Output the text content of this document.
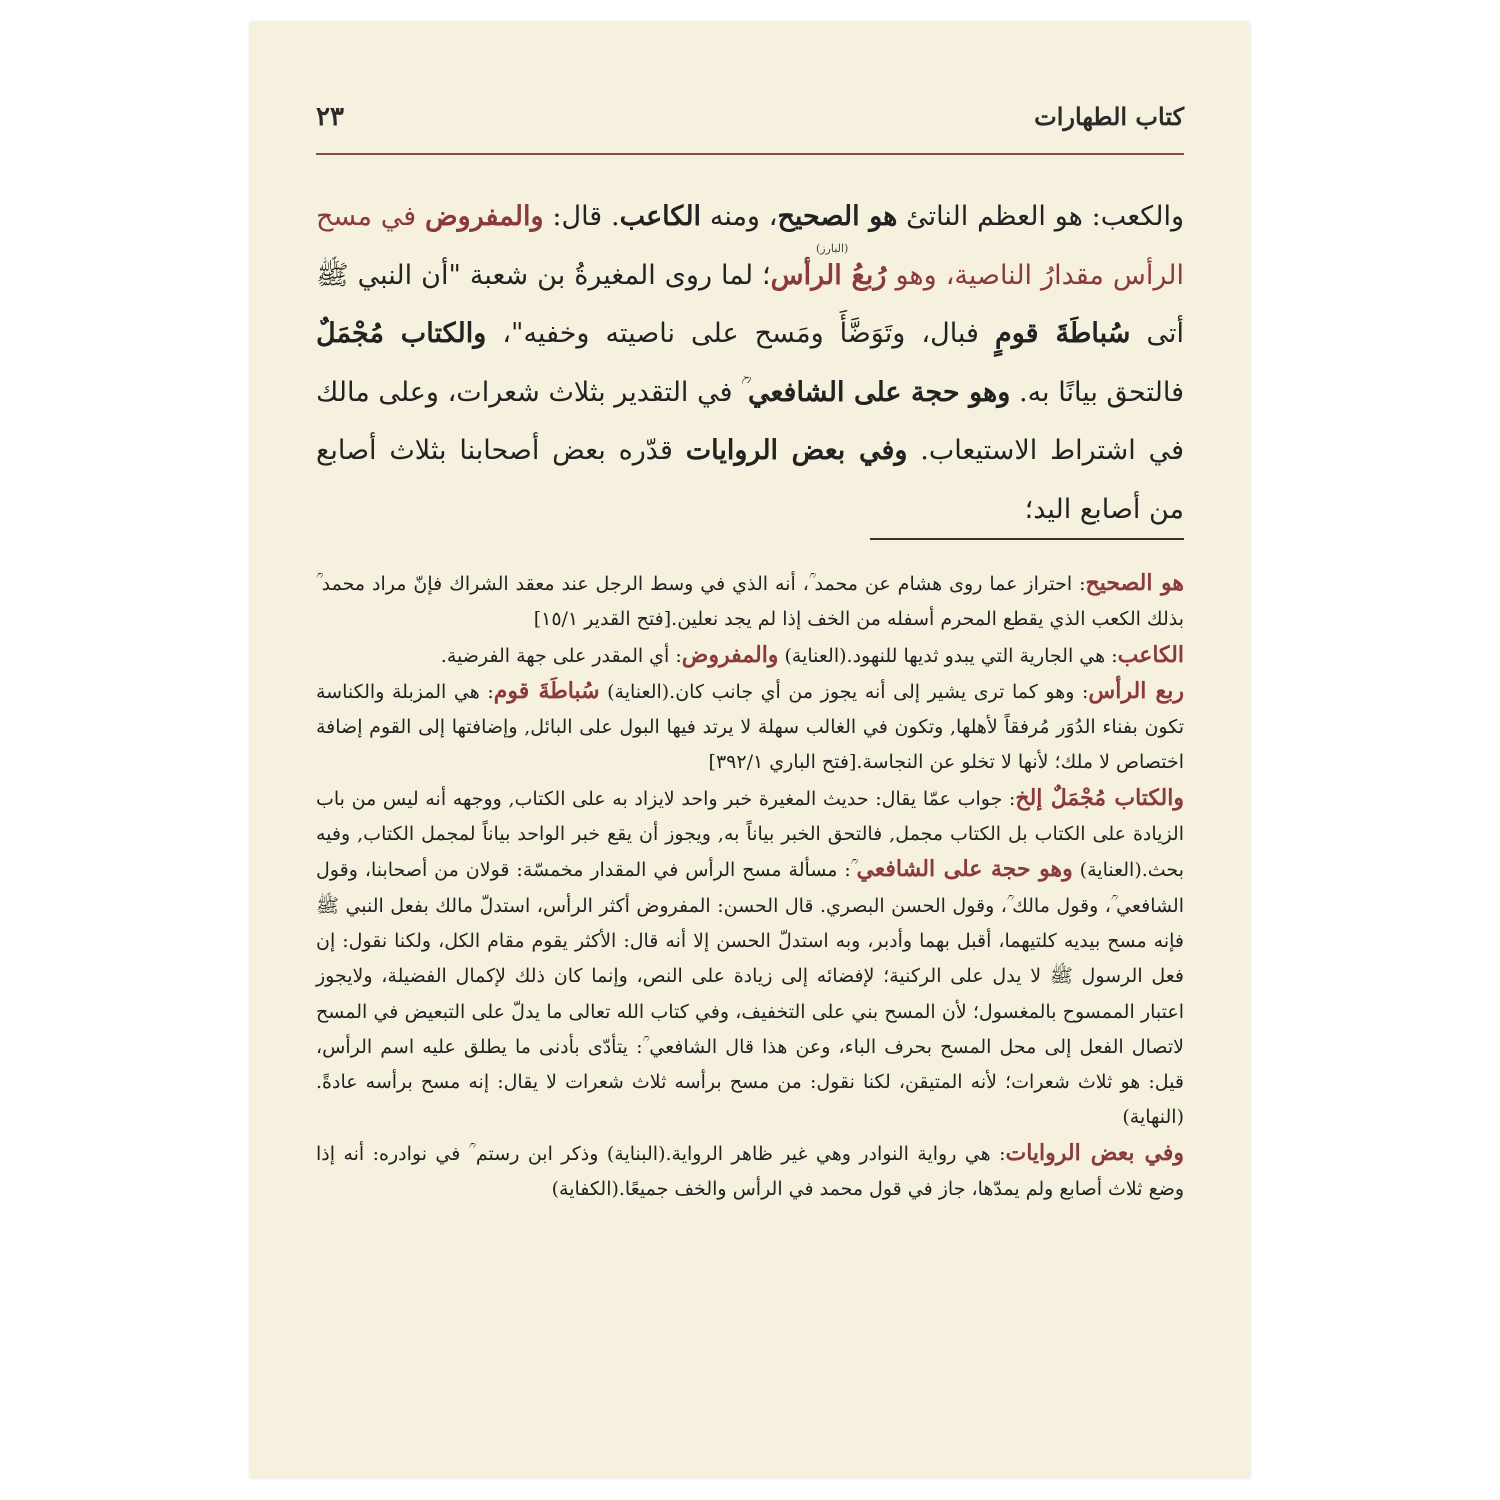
كتاب الطهارات
٢٣
(البارز)
والكعب: هو العظم الناتئ هو الصحيح، ومنه الكاعب. قال: والمفروض في مسح الرأس مقدارُ الناصية، وهو رُبعُ الرأس؛ لما روى المغيرةُ بن شعبة "أن النبي ﷺ أتى سُباطَةَ قومٍ فبال، وتَوَضَّأَ ومَسح على ناصيته وخفيه"، والكتاب مُجْمَلٌ فالتحق بيانًا به. وهو حجة على الشافعي ؒ في التقدير بثلاث شعرات، وعلى مالك في اشتراط الاستيعاب. وفي بعض الروايات قدّره بعض أصحابنا بثلاث أصابع من أصابع اليد؛

هو الصحيح: احتراز عما روى هشام عن محمد ؒ، أنه الذي في وسط الرجل عند معقد الشراك فإنّ مراد محمد ؒ بذلك الكعب الذي يقطع المحرم أسفله من الخف إذا لم يجد نعلين.[فتح القدير ١٥/١]

الكاعب: هي الجارية التي يبدو ثديها للنهود.(العناية) والمفروض: أي المقدر على جهة الفرضية.

ربع الرأس: وهو كما ترى يشير إلى أنه يجوز من أي جانب كان.(العناية) سُباطَةَ قوم: هي المزبلة والكناسة تكون بفناء الدُوَر مُرفقاً لأهلها, وتكون في الغالب سهلة لا يرتد فيها البول على البائل, وإضافتها إلى القوم إضافة اختصاص لا ملك؛ لأنها لا تخلو عن النجاسة.[فتح الباري ٣٩٢/١]

والكتاب مُجْمَلٌ إلخ: جواب عمّا يقال: حديث المغيرة خبر واحد لايزاد به على الكتاب, ووجهه أنه ليس من باب الزيادة على الكتاب بل الكتاب مجمل, فالتحق الخبر بياناً به, ويجوز أن يقع خبر الواحد بياناً لمجمل الكتاب, وفيه بحث.(العناية) وهو حجة على الشافعي ؒ: مسألة مسح الرأس في المقدار مخمسّة: قولان من أصحابنا، وقول الشافعي ؒ، وقول مالك ؒ، وقول الحسن البصري. قال الحسن: المفروض أكثر الرأس، استدلّ مالك بفعل النبي ﷺ فإنه مسح بيديه كلتيهما، أقبل بهما وأدبر، وبه استدلّ الحسن إلا أنه قال: الأكثر يقوم مقام الكل، ولكنا نقول: إن فعل الرسول ﷺ لا يدل على الركنية؛ لإفضائه إلى زيادة على النص، وإنما كان ذلك لإكمال الفضيلة، ولايجوز اعتبار الممسوح بالمغسول؛ لأن المسح بني على التخفيف، وفي كتاب الله تعالى ما يدلّ على التبعيض في المسح لاتصال الفعل إلى محل المسح بحرف الباء، وعن هذا قال الشافعي ؒ: يتأدّى بأدنى ما يطلق عليه اسم الرأس، قيل: هو ثلاث شعرات؛ لأنه المتيقن، لكنا نقول: من مسح برأسه ثلاث شعرات لا يقال: إنه مسح برأسه عادةً.(النهاية)

وفي بعض الروايات: هي رواية النوادر وهي غير ظاهر الرواية.(البناية) وذكر ابن رستم ؒ في نوادره: أنه إذا وضع ثلاث أصابع ولم يمدّها، جاز في قول محمد في الرأس والخف جميعًا.(الكفاية)
